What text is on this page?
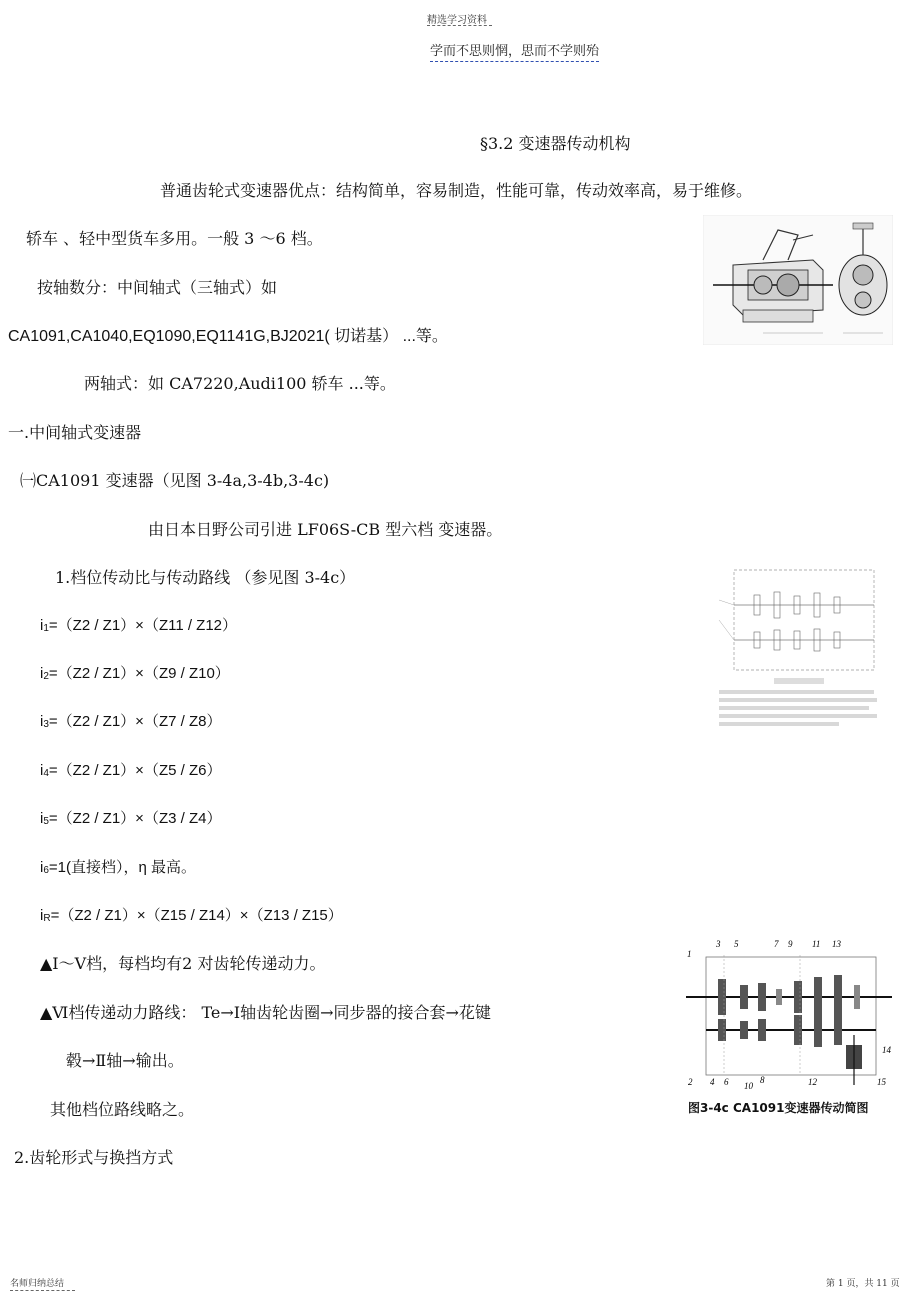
精选学习资料
学而不思则惘，思而不学则殆
§3.2 变速器传动机构
普通齿轮式变速器优点：结构简单，容易制造，性能可靠，传动效率高，易于维修。
轿车 、轻中型货车多用。一般 3 ～6 档。
按轴数分：中间轴式（三轴式）如
CA1091,CA1040,EQ1090,EQ1141G,BJ2021( 切诺基） ...等。
两轴式：如 CA7220,Audi100 轿车 ...等。
一.中间轴式变速器
㈠CA1091 变速器（见图 3-4a,3-4b,3-4c)
由日本日野公司引进 LF06S-CB 型六档 变速器。
1.档位传动比与传动路线 （参见图 3-4c）
$i_1=(Z2 / Z1)\times(Z11 / Z12)$
$i_2=(Z2 / Z1)\times(Z9 / Z10)$
$i_3=(Z2 / Z1)\times(Z7 / Z8)$
$i_4=(Z2 / Z1)\times(Z5 / Z6)$
$i_5=(Z2 / Z1)\times(Z3 / Z4)$
$i_6=1$(直接档），η 最高。
$i_R=(Z2 / Z1)\times(Z15 / Z14)\times(Z13 / Z15)$
▲Ⅰ～Ⅴ档，每档均有2 对齿轮传递动力。
▲Ⅵ档传递动力路线： Te→Ⅰ轴齿轮齿圈→同步器的接合套→花键
毂→Ⅱ轴→输出。
其他档位路线略之。
2.齿轮形式与换挡方式
1
3 5	7 9 11 13
2 4 6	8
10	12
14
15
图3-4c CA1091变速器传动简图
名师归纳总结	第 1 页，共 11 页
